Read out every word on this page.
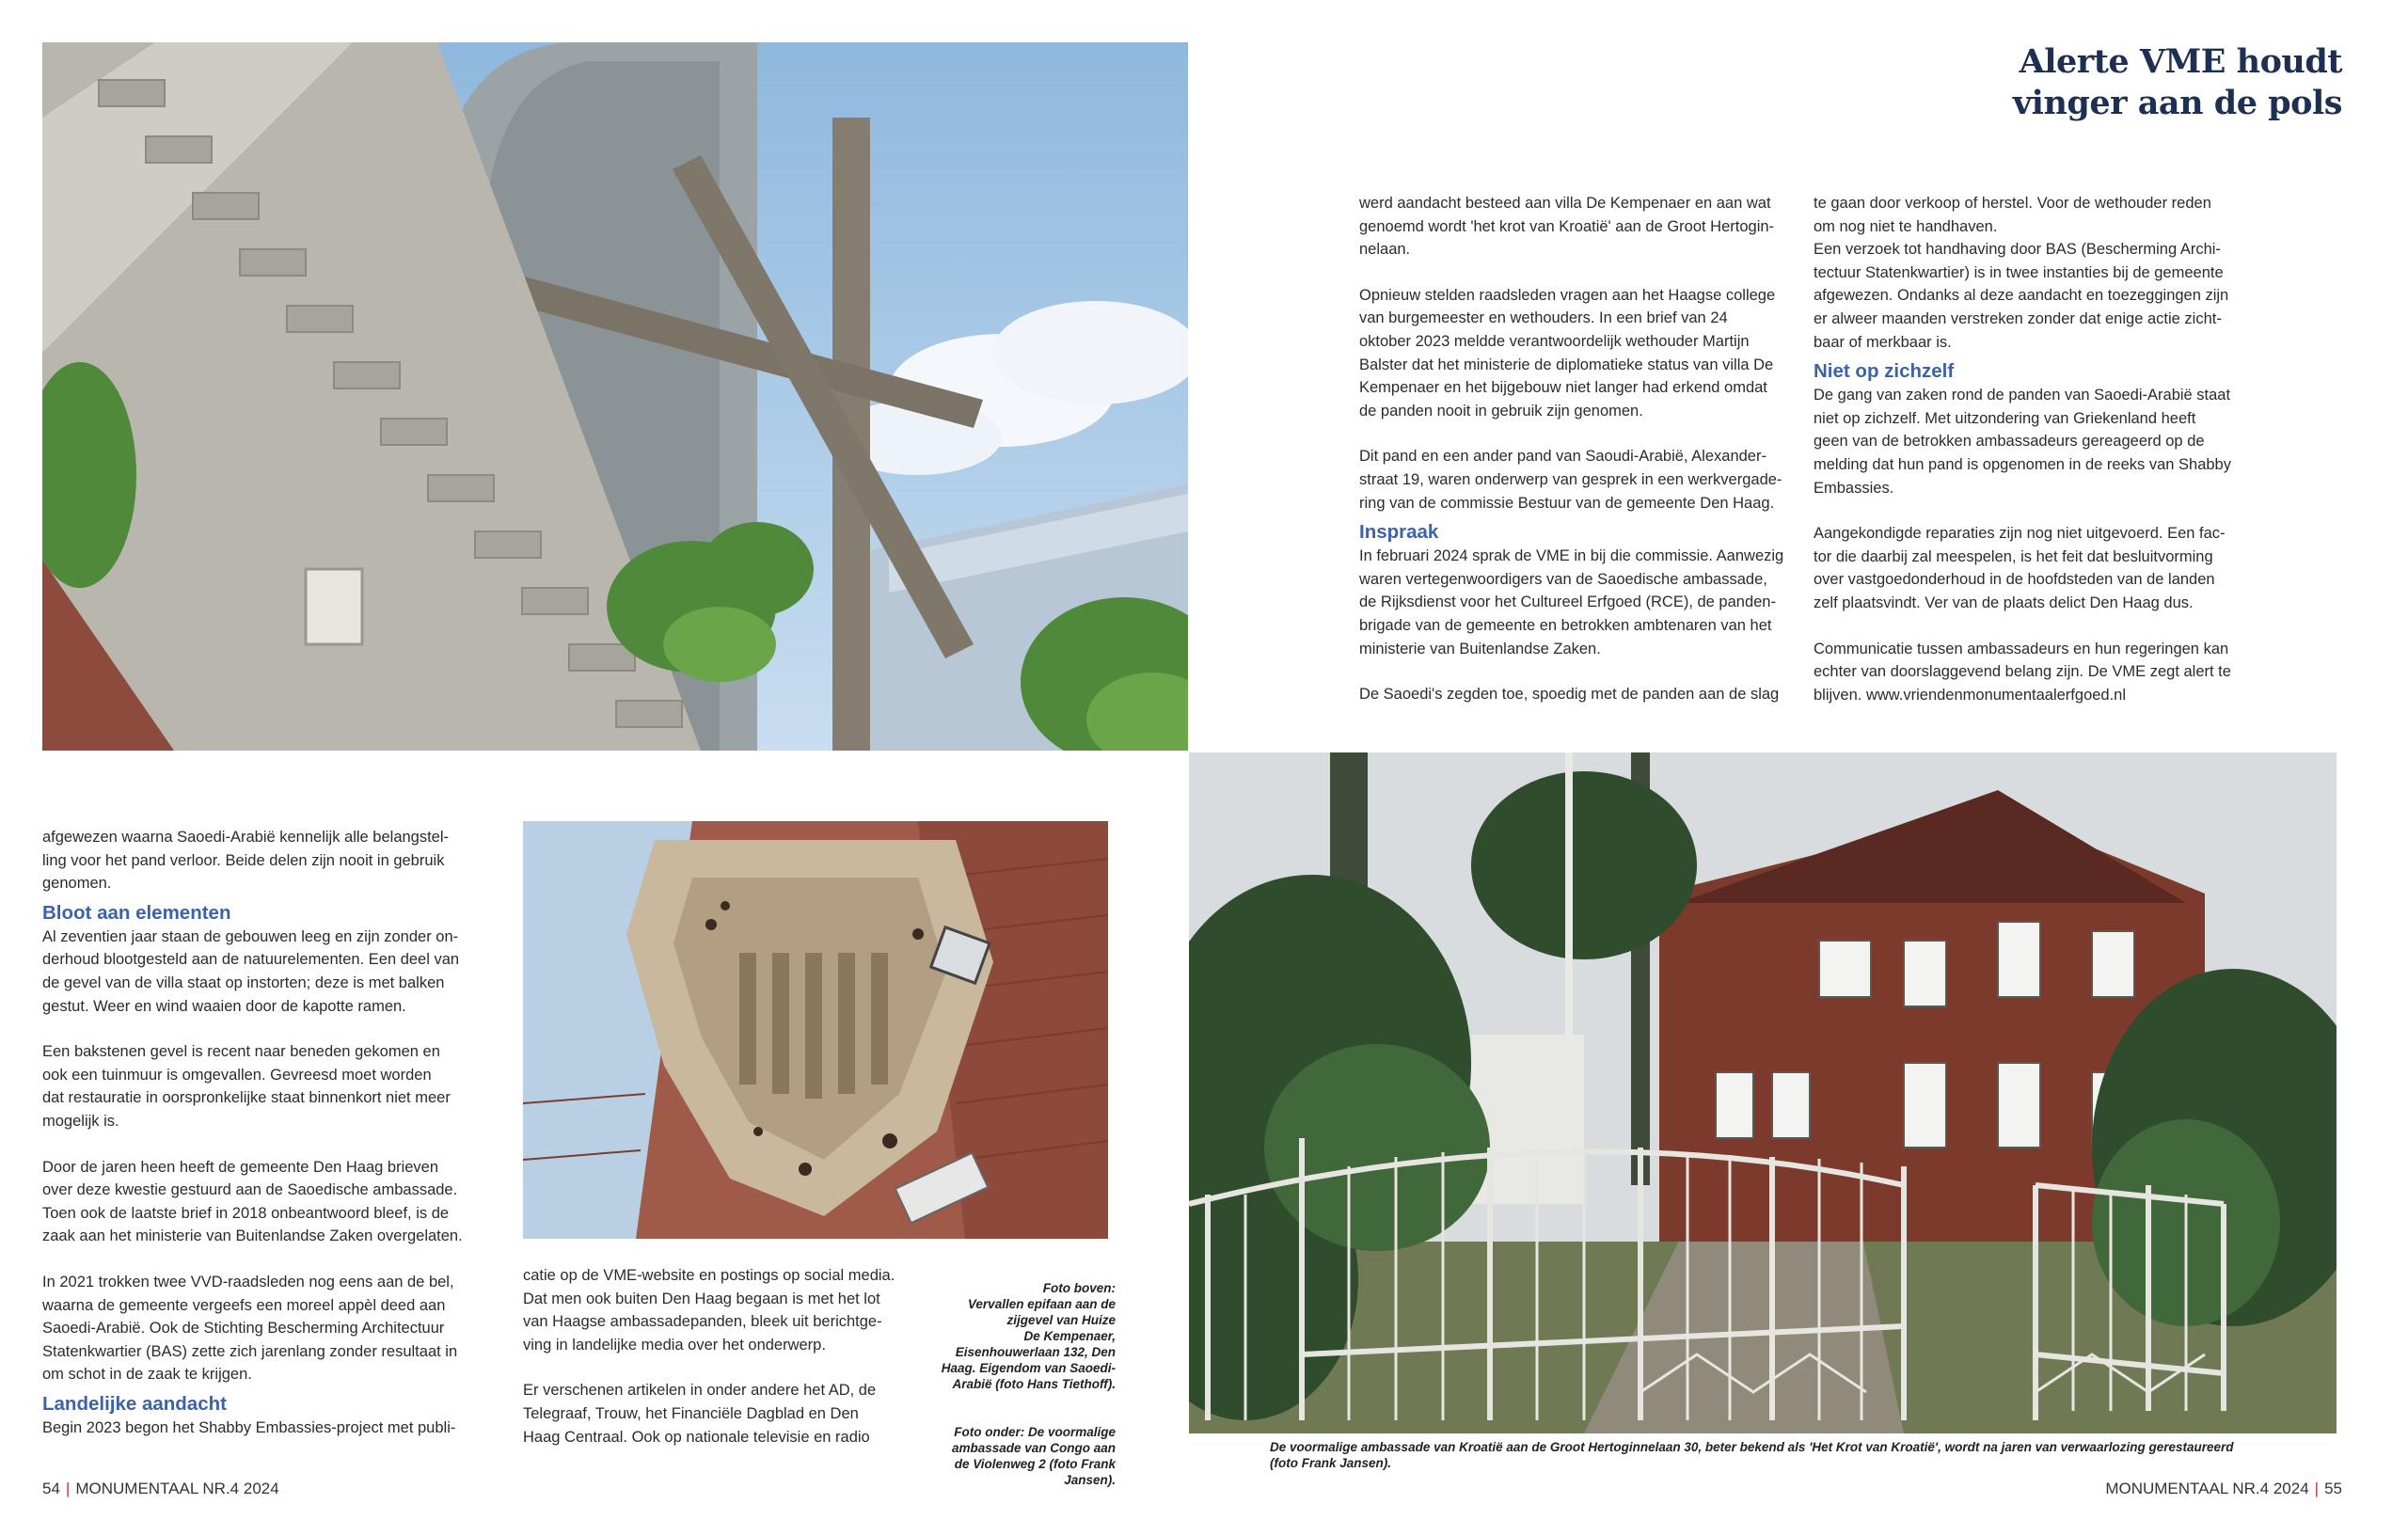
Alerte VME houdt
vinger aan de pols

werd aandacht besteed aan villa De Kempenaer en aan wat
genoemd wordt 'het krot van Kroatië' aan de Groot Hertogin-
nelaan.

Opnieuw stelden raadsleden vragen aan het Haagse college
van burgemeester en wethouders. In een brief van 24
oktober 2023 meldde verantwoordelijk wethouder Martijn
Balster dat het ministerie de diplomatieke status van villa De
Kempenaer en het bijgebouw niet langer had erkend omdat
de panden nooit in gebruik zijn genomen.

Dit pand en een ander pand van Saoudi-Arabië, Alexander-
straat 19, waren onderwerp van gesprek in een werkvergade-
ring van de commissie Bestuur van de gemeente Den Haag.

Inspraak

In februari 2024 sprak de VME in bij die commissie. Aanwezig
waren vertegenwoordigers van de Saoedische ambassade,
de Rijksdienst voor het Cultureel Erfgoed (RCE), de panden-
brigade van de gemeente en betrokken ambtenaren van het
ministerie van Buitenlandse Zaken.

De Saoedi's zegden toe, spoedig met de panden aan de slag

te gaan door verkoop of herstel. Voor de wethouder reden
om nog niet te handhaven.
Een verzoek tot handhaving door BAS (Bescherming Archi-
tectuur Statenkwartier) is in twee instanties bij de gemeente
afgewezen. Ondanks al deze aandacht en toezeggingen zijn
er alweer maanden verstreken zonder dat enige actie zicht-
baar of merkbaar is.

Niet op zichzelf

De gang van zaken rond de panden van Saoedi-Arabië staat
niet op zichzelf. Met uitzondering van Griekenland heeft
geen van de betrokken ambassadeurs gereageerd op de
melding dat hun pand is opgenomen in de reeks van Shabby
Embassies.

Aangekondigde reparaties zijn nog niet uitgevoerd. Een fac-
tor die daarbij zal meespelen, is het feit dat besluitvorming
over vastgoedonderhoud in de hoofdsteden van de landen
zelf plaatsvindt. Ver van de plaats delict Den Haag dus.

Communicatie tussen ambassadeurs en hun regeringen kan
echter van doorslaggevend belang zijn. De VME zegt alert te
blijven. www.vriendenmonumentaalerfgoed.nl

afgewezen waarna Saoedi-Arabië kennelijk alle belangstel-
ling voor het pand verloor. Beide delen zijn nooit in gebruik
genomen.

Bloot aan elementen

Al zeventien jaar staan de gebouwen leeg en zijn zonder on-
derhoud blootgesteld aan de natuurelementen. Een deel van
de gevel van de villa staat op instorten; deze is met balken
gestut. Weer en wind waaien door de kapotte ramen.

Een bakstenen gevel is recent naar beneden gekomen en
ook een tuinmuur is omgevallen. Gevreesd moet worden
dat restauratie in oorspronkelijke staat binnenkort niet meer
mogelijk is.

Door de jaren heen heeft de gemeente Den Haag brieven
over deze kwestie gestuurd aan de Saoedische ambassade.
Toen ook de laatste brief in 2018 onbeantwoord bleef, is de
zaak aan het ministerie van Buitenlandse Zaken overgelaten.

In 2021 trokken twee VVD-raadsleden nog eens aan de bel,
waarna de gemeente vergeefs een moreel appèl deed aan
Saoedi-Arabië. Ook de Stichting Bescherming Architectuur
Statenkwartier (BAS) zette zich jarenlang zonder resultaat in
om schot in de zaak te krijgen.

Landelijke aandacht

Begin 2023 begon het Shabby Embassies-project met publi-

catie op de VME-website en postings op social media.
Dat men ook buiten Den Haag begaan is met het lot
van Haagse ambassadepanden, bleek uit berichtge-
ving in landelijke media over het onderwerp.

Er verschenen artikelen in onder andere het AD, de
Telegraaf, Trouw, het Financiële Dagblad en Den
Haag Centraal. Ook op nationale televisie en radio

Foto boven:
Vervallen epifaan aan de
zijgevel van Huize
De Kempenaer,
Eisenhouwerlaan 132, Den
Haag. Eigendom van Saoedi-
Arabië (foto Hans Tiethoff).

Foto onder: De voormalige
ambassade van Congo aan
de Violenweg 2 (foto Frank
Jansen).

De voormalige ambassade van Kroatië aan de Groot Hertoginnelaan 30, beter bekend als 'Het Krot van Kroatië', wordt na jaren van verwaarlozing gerestaureerd
(foto Frank Jansen).
54 | MONUMENTAAL NR.4 2024	MONUMENTAAL NR.4 2024 | 55
